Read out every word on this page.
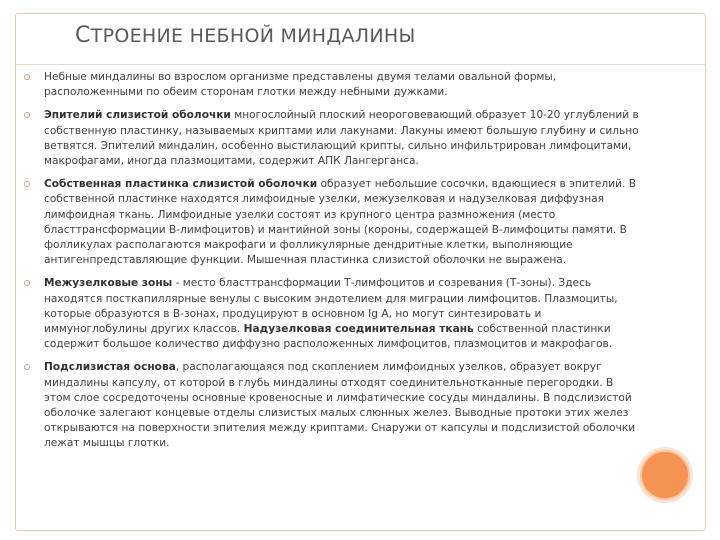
СТРОЕНИЕ НЕБНОЙ МИНДАЛИНЫ
Небные миндалины во взрослом организме представлены двумя телами овальной формы, расположенными по обеим сторонам глотки между небными дужками.
Эпителий слизистой оболочки многослойный плоский неороговевающий образует 10-20 углублений в собственную пластинку, называемых криптами или лакунами. Лакуны имеют большую глубину и сильно ветвятся. Эпителий миндалин, особенно выстилающий крипты, сильно инфильтрирован лимфоцитами, макрофагами, иногда плазмоцитами, содержит АПК Лангерганса.
Собственная пластинка слизистой оболочки образует небольшие сосочки, вдающиеся в эпителий. В собственной пластинке находятся лимфоидные узелки, межузелковая и надузелковая диффузная лимфоидная ткань. Лимфоидные узелки состоят из крупного центра размножения (место бласттрансформации В-лимфоцитов) и мантийной зоны (короны, содержащей В-лимфоциты памяти. В фолликулах располагаются макрофаги и фолликулярные дендритные клетки, выполняющие антигенпредставляющие функции. Мышечная пластинка слизистой оболочки не выражена.
Межузелковые зоны - место бласттрансформации Т-лимфоцитов и созревания (Т-зоны). Здесь находятся посткапиллярные венулы с высоким эндотелием для миграции лимфоцитов. Плазмоциты, которые образуются в В-зонах, продуцируют в основном Ig А, но могут синтезировать и иммуноглобулины других классов. Надузелковая соединительная ткань собственной пластинки содержит большое количество диффузно расположенных лимфоцитов, плазмоцитов и макрофагов.
Подслизистая основа, располагающаяся под скоплением лимфоидных узелков, образует вокруг миндалины капсулу, от которой в глубь миндалины отходят соединительнотканные перегородки. В этом слое сосредоточены основные кровеносные и лимфатические сосуды миндалины. В подслизистой оболочке залегают концевые отделы слизистых малых слюнных желез. Выводные протоки этих желез открываются на поверхности эпителия между криптами. Снаружи от капсулы и подслизистой оболочки лежат мышцы глотки.
